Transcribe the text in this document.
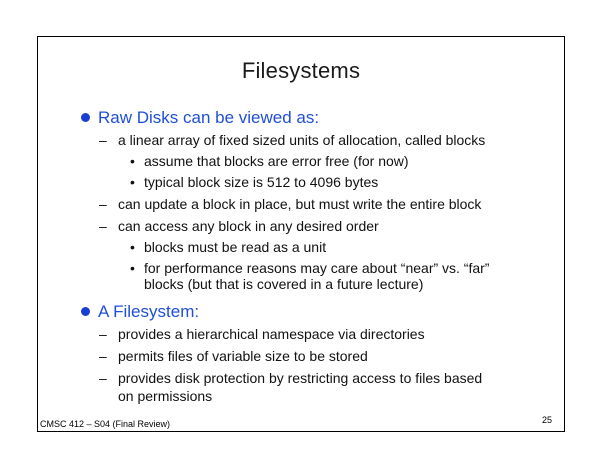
Filesystems
Raw Disks can be viewed as:
– a linear array of fixed sized units of allocation, called blocks
• assume that blocks are error free (for now)
• typical block size is 512 to 4096 bytes
– can update a block in place, but must write the entire block
– can access any block in any desired order
• blocks must be read as a unit
• for performance reasons may care about “near” vs. “far”
blocks (but that is covered in a future lecture)
A Filesystem:
– provides a hierarchical namespace via directories
– permits files of variable size to be stored
– provides disk protection by restricting access to files based
on permissions
CMSC 412 – S04 (Final Review)	25
